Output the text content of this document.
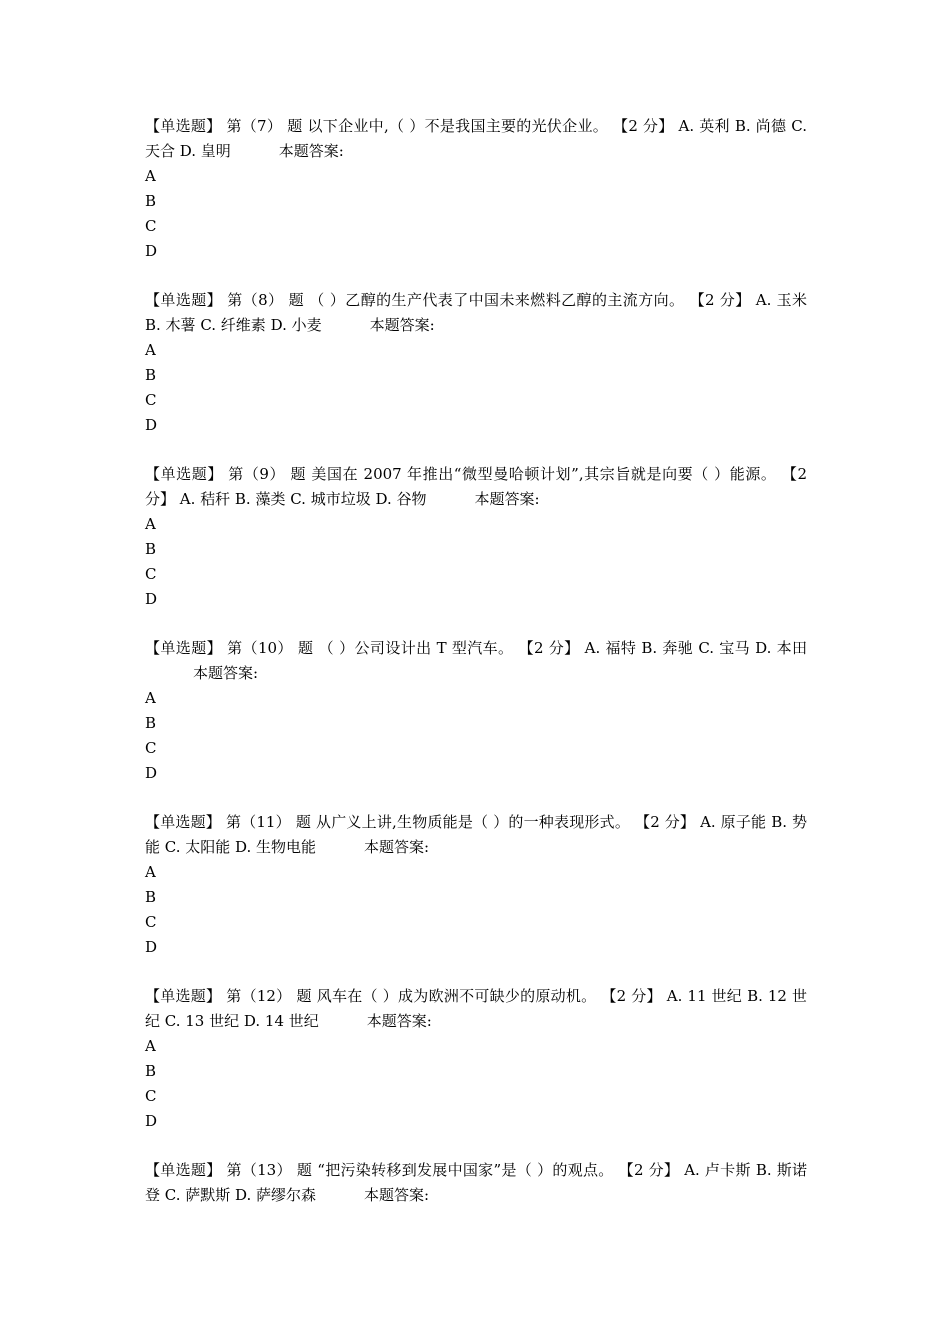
【单选题】 第（7） 题 以下企业中,（ ）不是我国主要的光伏企业。 【2 分】 A. 英利 B. 尚德 C. 天合 D. 皇明	本题答案:

A
B
C
D

【单选题】 第（8） 题 （ ）乙醇的生产代表了中国未来燃料乙醇的主流方向。 【2 分】 A. 玉米 B. 木薯 C. 纤维素 D. 小麦	本题答案:

A
B
C
D

【单选题】 第（9） 题 美国在 2007 年推出“微型曼哈顿计划”,其宗旨就是向要（ ）能源。 【2 分】 A. 秸秆 B. 藻类 C. 城市垃圾 D. 谷物	本题答案:

A
B
C
D

【单选题】 第（10） 题 （ ）公司设计出 T 型汽车。 【2 分】 A. 福特 B. 奔驰 C. 宝马 D. 本田本题答案:

A
B
C
D

【单选题】 第（11） 题 从广义上讲,生物质能是（ ）的一种表现形式。 【2 分】 A. 原子能 B. 势能 C. 太阳能 D. 生物电能	本题答案:

A
B
C
D

【单选题】 第（12） 题 风车在（ ）成为欧洲不可缺少的原动机。 【2 分】 A. 11 世纪 B. 12 世纪 C. 13 世纪 D. 14 世纪	本题答案:

A
B
C
D

【单选题】 第（13） 题 “把污染转移到发展中国家”是（ ）的观点。 【2 分】 A. 卢卡斯 B. 斯诺登 C. 萨默斯 D. 萨缪尔森	本题答案:
